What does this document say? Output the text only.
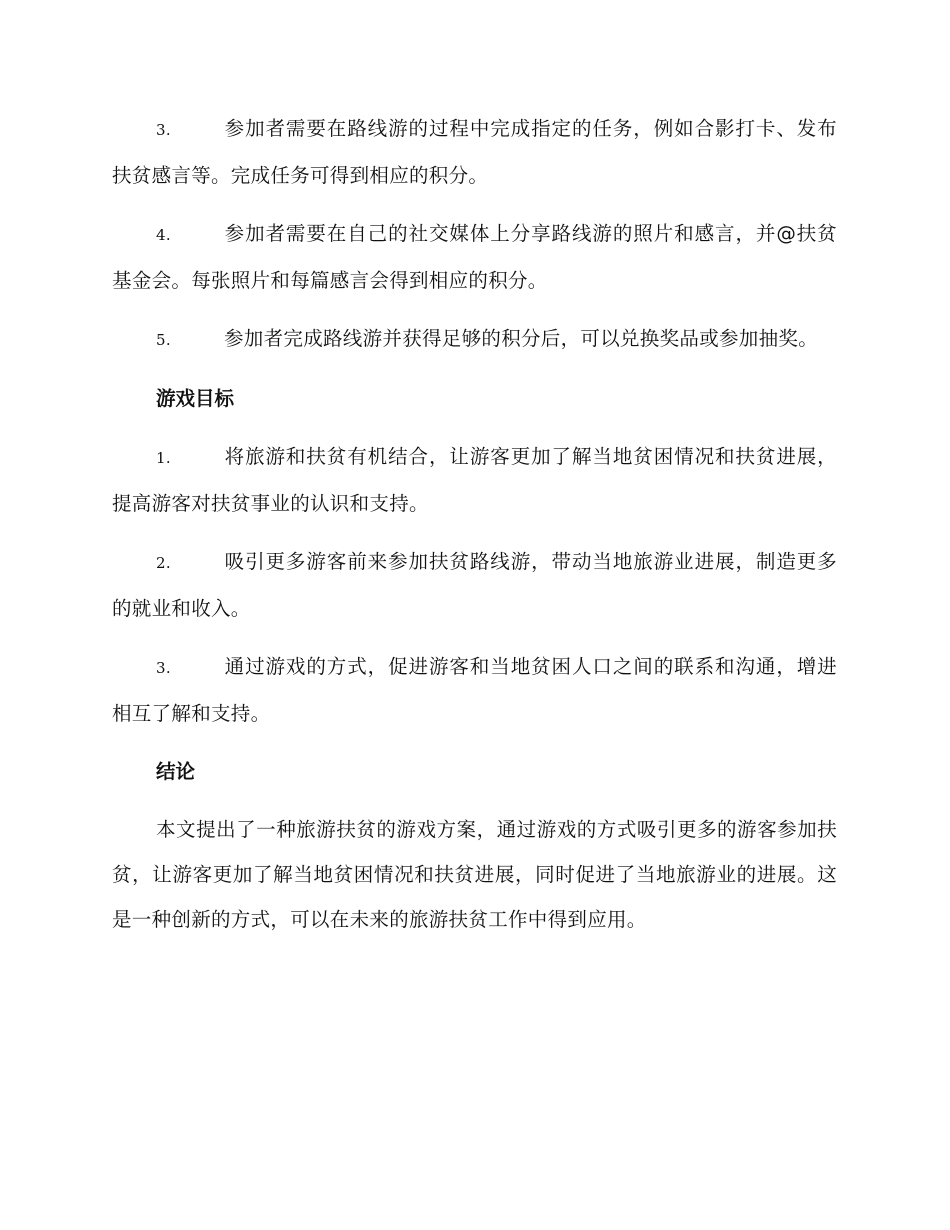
3.	参加者需要在路线游的过程中完成指定的任务，例如合影打卡、发布扶贫感言等。完成任务可得到相应的积分。
4.	参加者需要在自己的社交媒体上分享路线游的照片和感言，并@扶贫基金会。每张照片和每篇感言会得到相应的积分。
5.	参加者完成路线游并获得足够的积分后，可以兑换奖品或参加抽奖。
游戏目标
1.	将旅游和扶贫有机结合，让游客更加了解当地贫困情况和扶贫进展，提高游客对扶贫事业的认识和支持。
2.	吸引更多游客前来参加扶贫路线游，带动当地旅游业进展，制造更多的就业和收入。
3.	通过游戏的方式，促进游客和当地贫困人口之间的联系和沟通，增进相互了解和支持。
结论

本文提出了一种旅游扶贫的游戏方案，通过游戏的方式吸引更多的游客参加扶贫，让游客更加了解当地贫困情况和扶贫进展，同时促进了当地旅游业的进展。这是一种创新的方式，可以在未来的旅游扶贫工作中得到应用。
